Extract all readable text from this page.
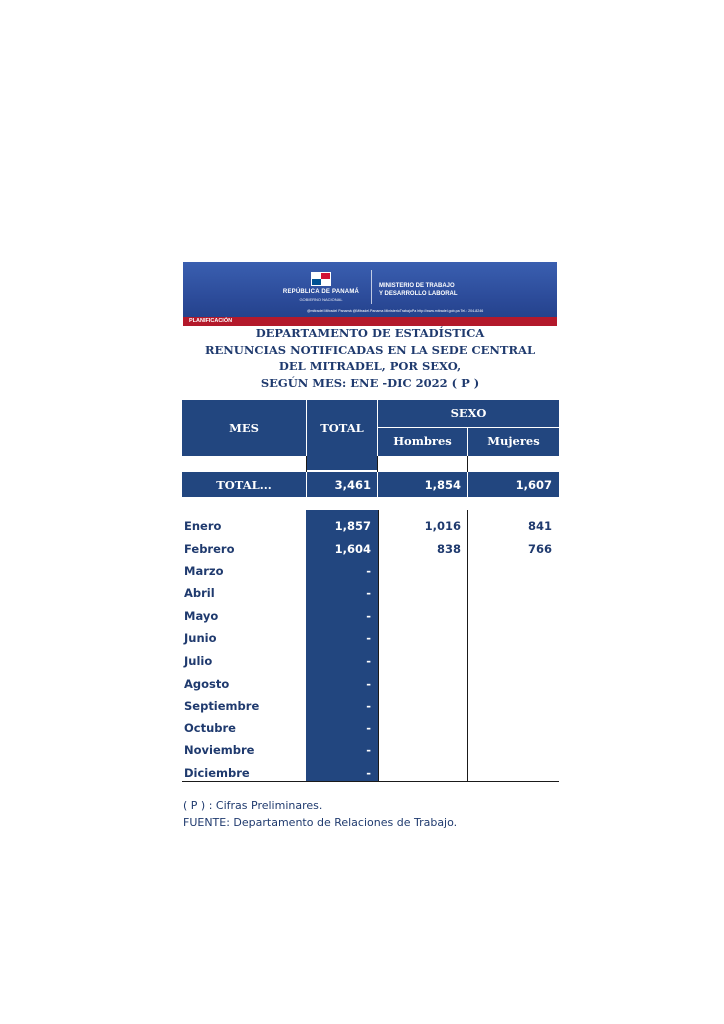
REPÚBLICA DE PANAMÁ
GOBIERNO NACIONAL
MINISTERIO DE TRABAJO
Y DESARROLLO LABORAL
@mitradel Mitradel Panamá @Mitradel.Panama MinisterioTrabajoPa http://www.mitradel.gob.pa Tel.: 204-8246
PLANIFICACIÓN
DEPARTAMENTO DE ESTADÍSTICA
RENUNCIAS NOTIFICADAS EN LA SEDE CENTRAL
DEL MITRADEL, POR SEXO,
SEGÚN MES: ENE -DIC 2022 ( P )
MES	TOTAL
SEXO
Hombres	Mujeres
TOTAL...	3,461	1,854	1,607
Enero	1,857	1,016	841
Febrero	1,604	838	766
Marzo	-
Abril	-
Mayo	-
Junio	-
Julio	-
Agosto	-
Septiembre	-
Octubre	-
Noviembre	-
Diciembre	-
( P ) : Cifras Preliminares.
FUENTE: Departamento de Relaciones de Trabajo.
